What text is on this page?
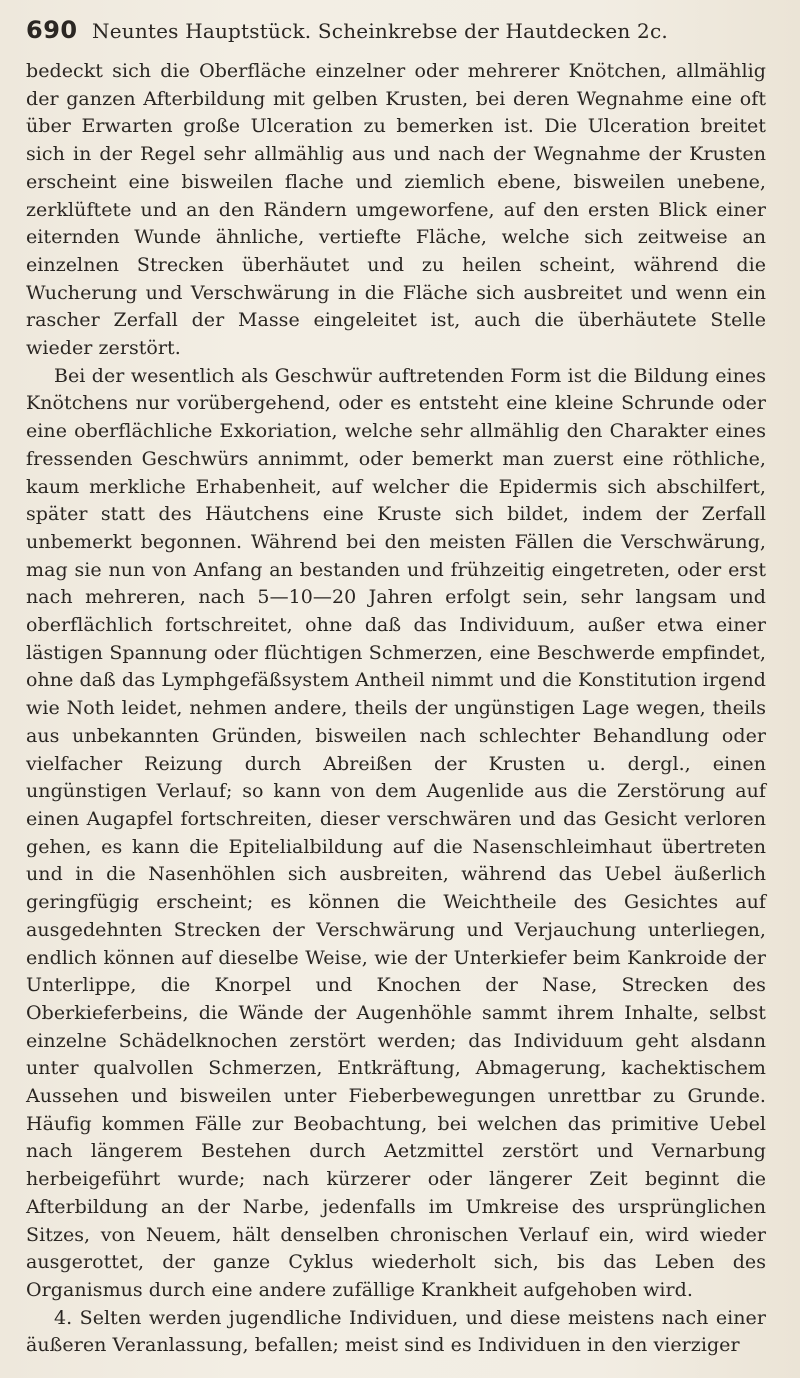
690 Neuntes Hauptstück. Scheinkrebse der Hautdecken 2c.

bedeckt sich die Oberfläche einzelner oder mehrerer Knötchen, allmählig der ganzen Afterbildung mit gelben Krusten, bei deren Wegnahme eine oft über Erwarten große Ulceration zu bemerken ist. Die Ulceration breitet sich in der Regel sehr allmählig aus und nach der Wegnahme der Krusten erscheint eine bisweilen flache und ziemlich ebene, bisweilen unebene, zerklüftete und an den Rändern umgeworfene, auf den ersten Blick einer eiternden Wunde ähnliche, vertiefte Fläche, welche sich zeitweise an einzelnen Strecken überhäutet und zu heilen scheint, während die Wucherung und Verschwärung in die Fläche sich ausbreitet und wenn ein rascher Zerfall der Masse eingeleitet ist, auch die überhäutete Stelle wieder zerstört.

Bei der wesentlich als Geschwür auftretenden Form ist die Bildung eines Knötchens nur vorübergehend, oder es entsteht eine kleine Schrunde oder eine oberflächliche Exkoriation, welche sehr allmählig den Charakter eines fressenden Geschwürs annimmt, oder bemerkt man zuerst eine röthliche, kaum merkliche Erhabenheit, auf welcher die Epidermis sich abschilfert, später statt des Häutchens eine Kruste sich bildet, indem der Zerfall unbemerkt begonnen. Während bei den meisten Fällen die Verschwärung, mag sie nun von Anfang an bestanden und frühzeitig eingetreten, oder erst nach mehreren, nach 5—10—20 Jahren erfolgt sein, sehr langsam und oberflächlich fortschreitet, ohne daß das Individuum, außer etwa einer lästigen Spannung oder flüchtigen Schmerzen, eine Beschwerde empfindet, ohne daß das Lymphgefäßsystem Antheil nimmt und die Konstitution irgend wie Noth leidet, nehmen andere, theils der ungünstigen Lage wegen, theils aus unbekannten Gründen, bisweilen nach schlechter Behandlung oder vielfacher Reizung durch Abreißen der Krusten u. dergl., einen ungünstigen Verlauf; so kann von dem Augenlide aus die Zerstörung auf einen Augapfel fortschreiten, dieser verschwären und das Gesicht verloren gehen, es kann die Epitelialbildung auf die Nasenschleimhaut übertreten und in die Nasenhöhlen sich ausbreiten, während das Uebel äußerlich geringfügig erscheint; es können die Weichtheile des Gesichtes auf ausgedehnten Strecken der Verschwärung und Verjauchung unterliegen, endlich können auf dieselbe Weise, wie der Unterkiefer beim Kankroide der Unterlippe, die Knorpel und Knochen der Nase, Strecken des Oberkieferbeins, die Wände der Augenhöhle sammt ihrem Inhalte, selbst einzelne Schädelknochen zerstört werden; das Individuum geht alsdann unter qualvollen Schmerzen, Entkräftung, Abmagerung, kachektischem Aussehen und bisweilen unter Fieberbewegungen unrettbar zu Grunde. Häufig kommen Fälle zur Beobachtung, bei welchen das primitive Uebel nach längerem Bestehen durch Aetzmittel zerstört und Vernarbung herbeigeführt wurde; nach kürzerer oder längerer Zeit beginnt die Afterbildung an der Narbe, jedenfalls im Umkreise des ursprünglichen Sitzes, von Neuem, hält denselben chronischen Verlauf ein, wird wieder ausgerottet, der ganze Cyklus wiederholt sich, bis das Leben des Organismus durch eine andere zufällige Krankheit aufgehoben wird.

4. Selten werden jugendliche Individuen, und diese meistens nach einer äußeren Veranlassung, befallen; meist sind es Individuen in den vierziger
